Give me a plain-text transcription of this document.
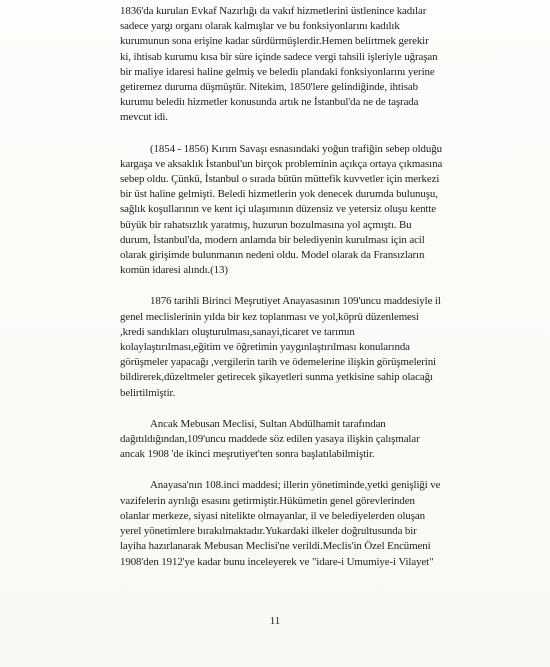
1836'da kurulan Evkaf Nazırlığı da vakıf hizmetlerini üstlenince kadılar
sadece yargı organı olarak kalmışlar ve bu fonksiyonlarını kadılık
kurumunun sona erişine kadar sürdürmüşlerdir.Hemen belirtmek gerekir
ki, ihtisab kurumu kısa bir süre içinde sadece vergi tahsili işleriyle uğraşan
bir maliye idaresi haline gelmiş ve belediı plandaki fonksiyonlarını yerine
getiremez duruma düşmüştür. Nitekim, 1850'lere gelindiğinde, ihtisab
kurumu belediı hizmetler konusunda artık ne İstanbul'da ne de taşrada
mevcut idi.
(1854 - 1856) Kırım Savaşı esnasındaki yoğun trafiğin sebep olduğu
kargaşa ve aksaklık İstanbul'un birçok probleminin açıkça ortaya çıkmasına
sebep oldu. Çünkü, İstanbul o sırada bütün müttefik kuvvetler için merkezi
bir üst haline gelmişti. Beledi hizmetlerin yok denecek durumda bulunuşu,
sağlık koşullarının ve kent içi ulaşımının düzensiz ve yetersiz oluşu kentte
büyük bir rahatsızlık yaratmış, huzurun bozulmasına yol açmıştı. Bu
durum, İstanbul'da, modern anlamda bir belediyenin kurulması için acil
olarak girişimde bulunmanın nedeni oldu. Model olarak da Fransızların
komün idaresi alındı.(13)
1876 tarihli Birinci Meşrutiyet Anayasasının 109'uncu maddesiyle il
genel meclislerinin yılda bir kez toplanması ve yol,köprü düzenlemesi
,kredi sandıkları oluşturulması,sanayi,ticaret ve tarımın
kolaylaştırılması,eğitim ve öğretimin yaygınlaştırılması konularında
görüşmeler yapacağı ,vergilerin tarih ve ödemelerine ilişkin görüşmelerini
bildirerek,düzeltmeler getirecek şikayetleri sunma yetkisine sahip olacağı
belirtilmiştir.
Ancak Mebusan Meclisi, Sultan Abdülhamit tarafından
dağıtıldığından,109'uncu maddede söz edilen yasaya ilişkin çalışmalar
ancak 1908 'de ikinci meşrutiyet'ten sonra başlatılabilmiştir.
Anayasa'nın 108.inci maddesi; illerin yönetiminde,yetki genişliği ve
vazifelerin ayrılığı esasını getirmiştir.Hükümetin genel görevlerinden
olanlar merkeze, siyasi nitelikte olmayanlar, il ve belediyelerden oluşan
yerel yönetimlere bırakılmaktadır.Yukardaki ilkeler doğrultusunda bir
layiha hazırlanarak Mebusan Meclisi'ne verildi.Meclis'in Özel Encümeni
1908'den 1912'ye kadar bunu inceleyerek ve "idare-i Umumiye-i Vilayet"
11
